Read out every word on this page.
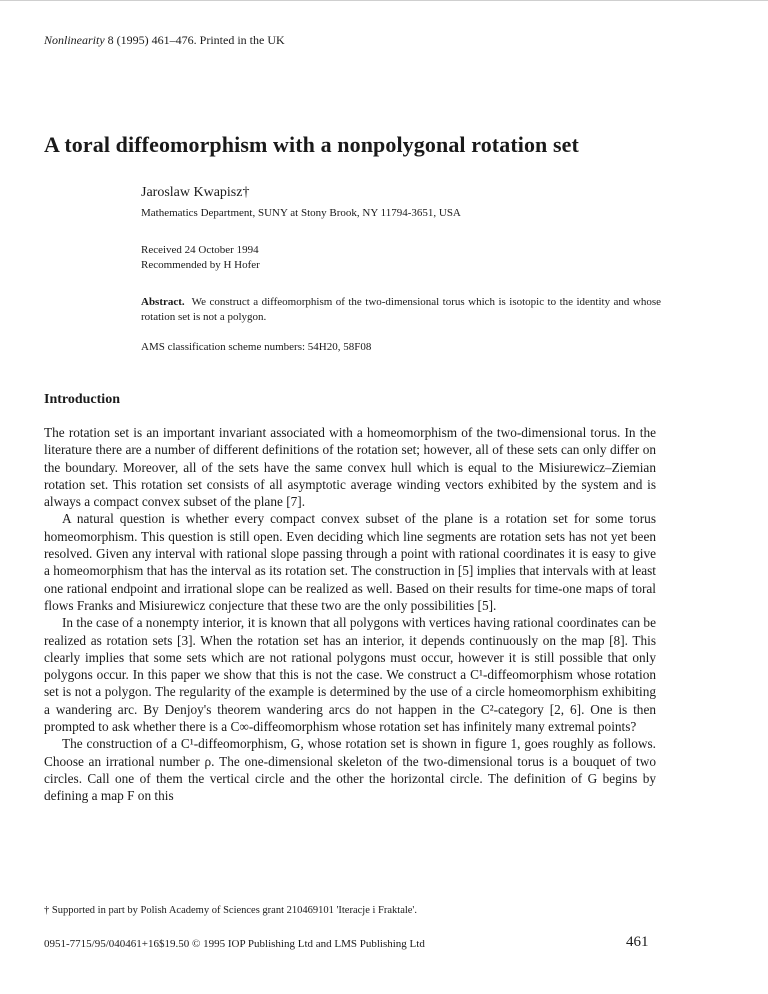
Nonlinearity 8 (1995) 461–476. Printed in the UK
A toral diffeomorphism with a nonpolygonal rotation set
Jaroslaw Kwapisz†
Mathematics Department, SUNY at Stony Brook, NY 11794-3651, USA
Received 24 October 1994
Recommended by H Hofer
Abstract. We construct a diffeomorphism of the two-dimensional torus which is isotopic to the identity and whose rotation set is not a polygon.
AMS classification scheme numbers: 54H20, 58F08
Introduction

The rotation set is an important invariant associated with a homeomorphism of the two-dimensional torus. In the literature there are a number of different definitions of the rotation set; however, all of these sets can only differ on the boundary. Moreover, all of the sets have the same convex hull which is equal to the Misiurewicz–Ziemian rotation set. This rotation set consists of all asymptotic average winding vectors exhibited by the system and is always a compact convex subset of the plane [7].

A natural question is whether every compact convex subset of the plane is a rotation set for some torus homeomorphism. This question is still open. Even deciding which line segments are rotation sets has not yet been resolved. Given any interval with rational slope passing through a point with rational coordinates it is easy to give a homeomorphism that has the interval as its rotation set. The construction in [5] implies that intervals with at least one rational endpoint and irrational slope can be realized as well. Based on their results for time-one maps of toral flows Franks and Misiurewicz conjecture that these two are the only possibilities [5].

In the case of a nonempty interior, it is known that all polygons with vertices having rational coordinates can be realized as rotation sets [3]. When the rotation set has an interior, it depends continuously on the map [8]. This clearly implies that some sets which are not rational polygons must occur, however it is still possible that only polygons occur. In this paper we show that this is not the case. We construct a C¹-diffeomorphism whose rotation set is not a polygon. The regularity of the example is determined by the use of a circle homeomorphism exhibiting a wandering arc. By Denjoy's theorem wandering arcs do not happen in the C²-category [2, 6]. One is then prompted to ask whether there is a C∞-diffeomorphism whose rotation set has infinitely many extremal points?

The construction of a C¹-diffeomorphism, G, whose rotation set is shown in figure 1, goes roughly as follows. Choose an irrational number ρ. The one-dimensional skeleton of the two-dimensional torus is a bouquet of two circles. Call one of them the vertical circle and the other the horizontal circle. The definition of G begins by defining a map F on this

† Supported in part by Polish Academy of Sciences grant 210469101 'Iteracje i Fraktale'.
0951-7715/95/040461+16$19.50 © 1995 IOP Publishing Ltd and LMS Publishing Ltd	461
